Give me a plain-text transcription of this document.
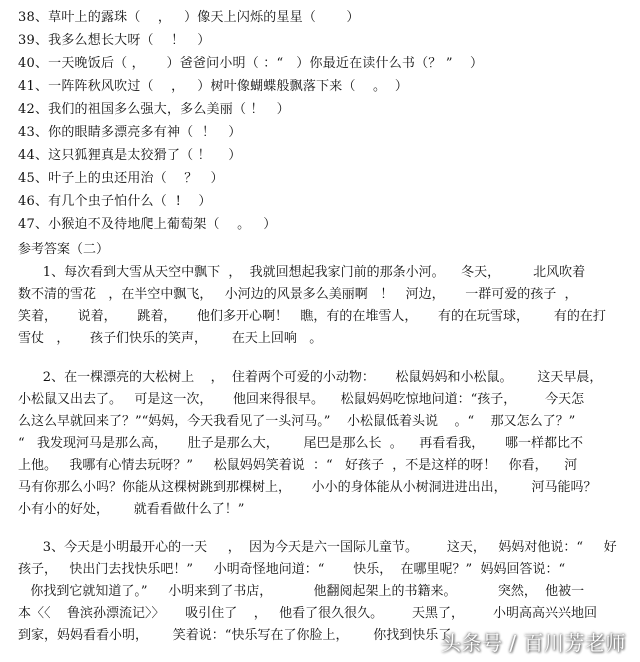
38、草叶上的露珠（    ，   ）像天上闪烁的星星（       ）
39、我多么想长大呀（    ！   ）
40、一天晚饭后（ ，     ）爸爸问小明（ ：“   ）你最近在读什么书（？ ”    ）
41、一阵阵秋风吹过（    ，   ）树叶像蝴蝶般飘落下来（    。  ）
42、我们的祖国多么强大，多么美丽（ ！   ）
43、你的眼睛多漂亮多有神（  ！   ）
44、这只狐狸真是太狡猾了（ ！    ）
45、叶子上的虫还用治（    ？   ）
46、有几个虫子怕什么（  !    ）
47、小猴迫不及待地爬上葡萄架（    。   ）
参考答案（二）
1、每次看到大雪从天空中飘下  ，  我就回想起我家门前的那条小河。    冬天，        北风吹着
数不清的雪花   ，在半空中飘飞，   小河边的风景多么美丽啊   ！   河边，     一群可爱的孩子  ，
笑着，     说着，     跳着，     他们多开心啊！   瞧，有的在堆雪人，     有的在玩雪球，      有的在打
雪仗   ，     孩子们快乐的笑声，      在天上回响   。
2、在一棵漂亮的大松树上    ，  住着两个可爱的小动物：     松鼠妈妈和小松鼠。      这天早晨，
小松鼠又出去了。   可是这一次，     他回来得很早。    松鼠妈妈吃惊地问道：“孩子，       今天怎
么这么早就回来了？”“妈妈，今天我看见了一头河马。”    小松鼠低着头说    。“    那又怎么了？”
“   我发现河马是那么高，     肚子是那么大，      尾巴是那么长  。    再看看我，     哪一样都比不
上他。   我哪有心情去玩呀？”     松鼠妈妈笑着说  ：“   好孩子  ，不是这样的呀！   你看，    河
马有你那么小吗？你能从这棵树跳到那棵树上，     小小的身体能从小树洞进进出出，      河马能吗？
小有小的好处，      就看看做什么了！”
3、今天是小明最开心的一天     ，  因为今天是六一国际儿童节。       这天，   妈妈对他说：“     好
孩子，   快出门去找快乐吧！”     小明奇怪地问道：“       快乐，  在哪里呢？”  妈妈回答说：“
你找到它就知道了。”     小明来到了书店，          他翻阅起架上的书籍来。          突然，  他被一
本〈〈    鲁滨孙漂流记〉〉     吸引住了    ，   他看了很久很久。       天黑了，       小明高高兴兴地回
到家，妈妈看看小明，      笑着说：“快乐写在了你脸上，      你找到快乐了
头条号 / 百川芳老师
